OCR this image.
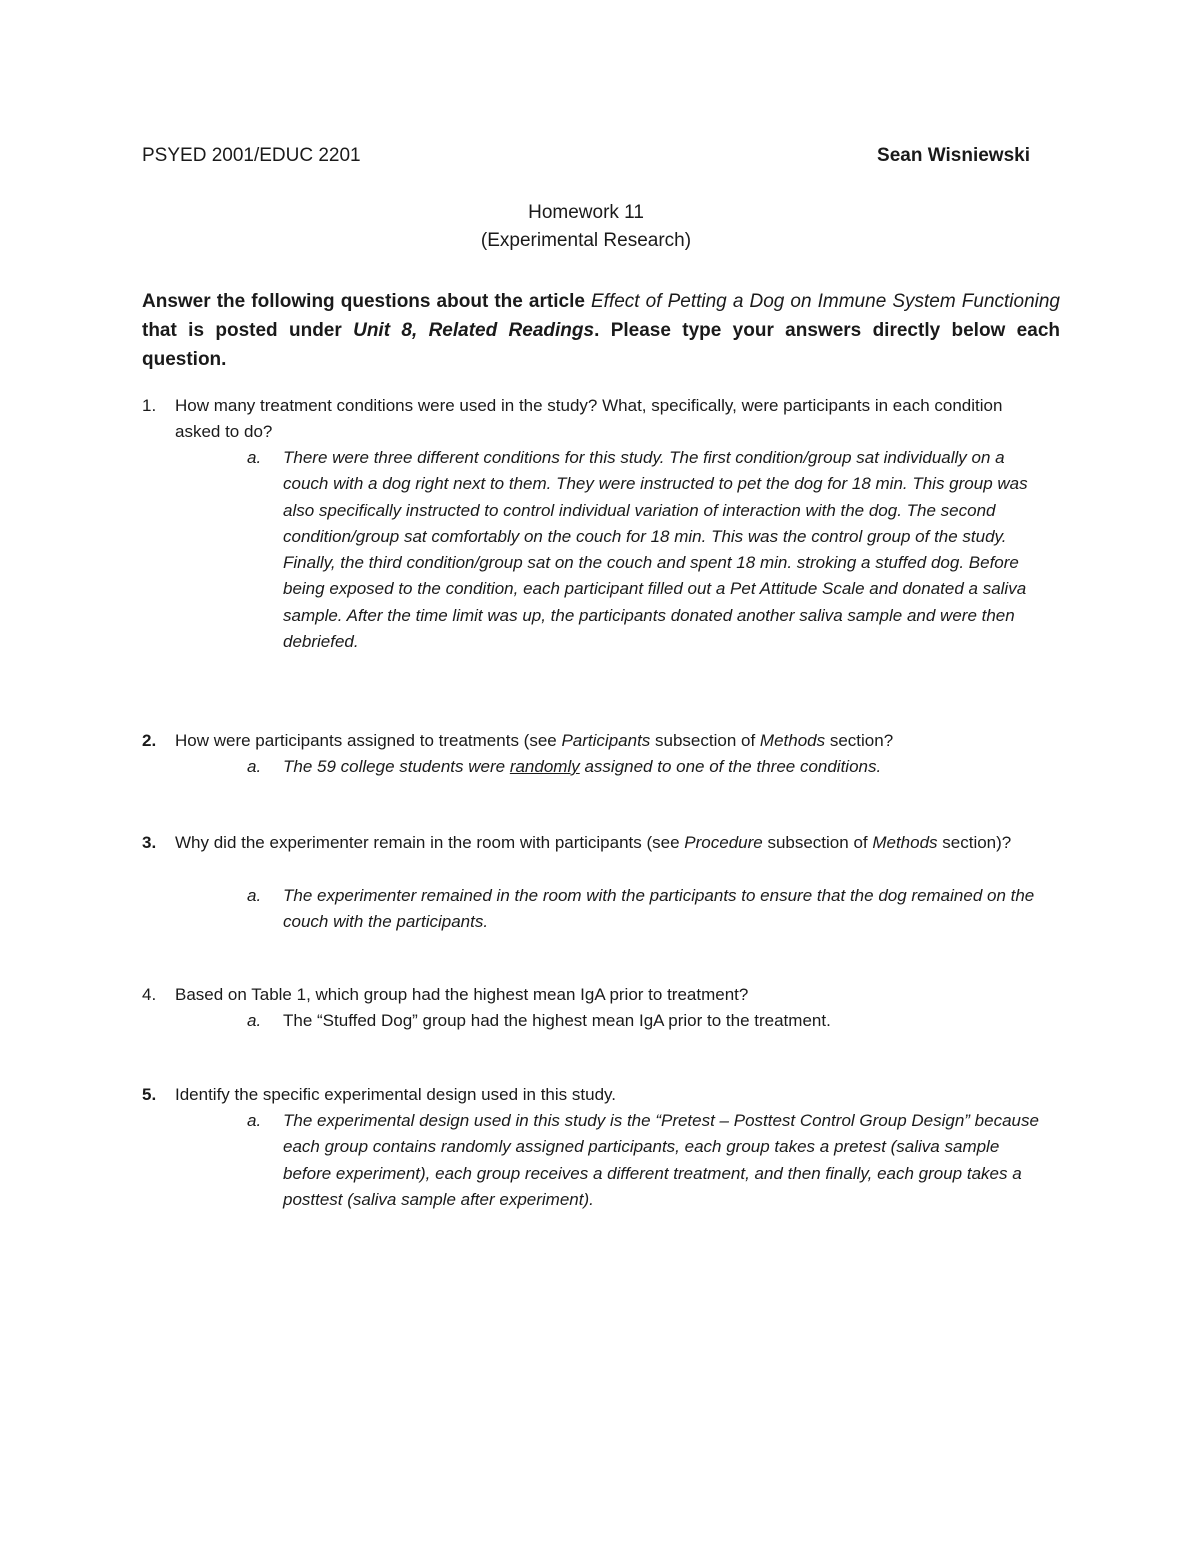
PSYED 2001/EDUC 2201	Sean Wisniewski
Homework 11
(Experimental Research)
Answer the following questions about the article Effect of Petting a Dog on Immune System Functioning that is posted under Unit 8, Related Readings. Please type your answers directly below each question.
1.	How many treatment conditions were used in the study? What, specifically, were participants in each condition asked to do?
a.	There were three different conditions for this study. The first condition/group sat individually on a couch with a dog right next to them. They were instructed to pet the dog for 18 min. This group was also specifically instructed to control individual variation of interaction with the dog. The second condition/group sat comfortably on the couch for 18 min. This was the control group of the study. Finally, the third condition/group sat on the couch and spent 18 min. stroking a stuffed dog. Before being exposed to the condition, each participant filled out a Pet Attitude Scale and donated a saliva sample. After the time limit was up, the participants donated another saliva sample and were then debriefed.
2.	How were participants assigned to treatments (see Participants subsection of Methods section?
a.	The 59 college students were randomly assigned to one of the three conditions.
3.	Why did the experimenter remain in the room with participants (see Procedure subsection of Methods section)?
a.	The experimenter remained in the room with the participants to ensure that the dog remained on the couch with the participants.
4.	Based on Table 1, which group had the highest mean IgA prior to treatment?
a.	The “Stuffed Dog” group had the highest mean IgA prior to the treatment.
5.	Identify the specific experimental design used in this study.
a.	The experimental design used in this study is the “Pretest – Posttest Control Group Design” because each group contains randomly assigned participants, each group takes a pretest (saliva sample before experiment), each group receives a different treatment, and then finally, each group takes a posttest (saliva sample after experiment).
